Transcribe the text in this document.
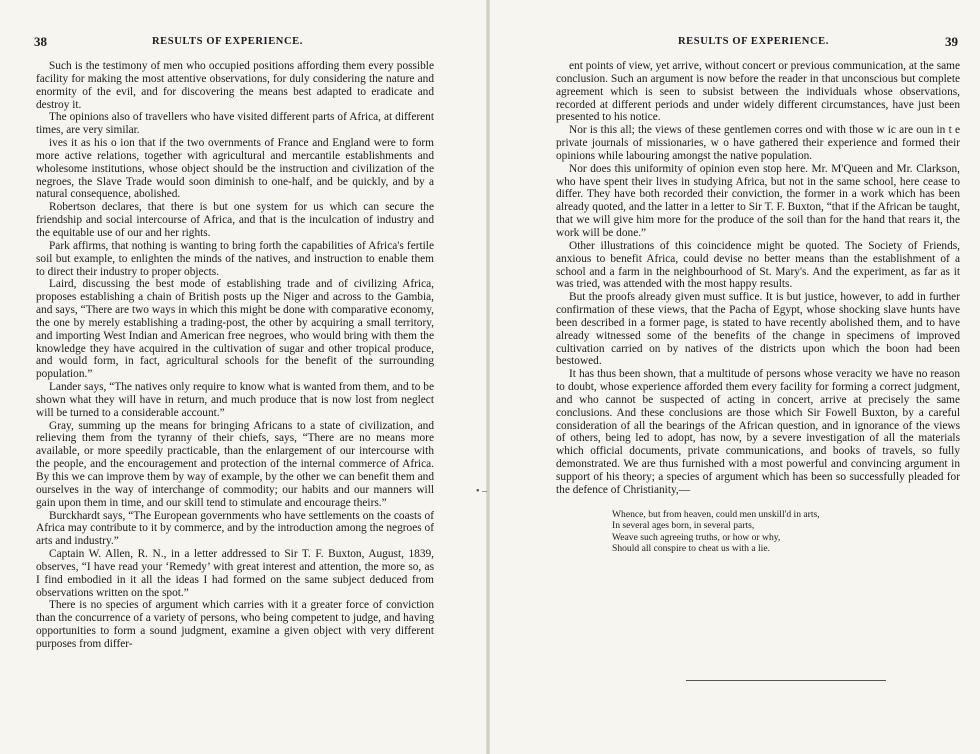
38	RESULTS OF EXPERIENCE.

Such is the testimony of men who occupied positions affording them every possible facility for making the most attentive observations, for duly considering the nature and enormity of the evil, and for discovering the means best adapted to eradicate and destroy it.

The opinions also of travellers who have visited different parts of Africa, at different times, are very similar.

ives it as his o ion that if the two overnments of France and England were to form more active relations, together with agricultural and mercantile establishments and wholesome institutions, whose object should be the instruction and civilization of the negroes, the Slave Trade would soon diminish to one-half, and be quickly, and by a natural consequence, abolished.

Robertson declares, that there is but one system for us which can secure the friendship and social intercourse of Africa, and that is the inculcation of industry and the equitable use of our and her rights.

Park affirms, that nothing is wanting to bring forth the capabilities of Africa's fertile soil but example, to enlighten the minds of the natives, and instruction to enable them to direct their industry to proper objects.

Laird, discussing the best mode of establishing trade and of civilizing Africa, proposes establishing a chain of British posts up the Niger and across to the Gambia, and says, “There are two ways in which this might be done with comparative economy, the one by merely establishing a trading-post, the other by acquiring a small territory, and importing West Indian and American free negroes, who would bring with them the knowledge they have acquired in the cultivation of sugar and other tropical produce, and would form, in fact, agricultural schools for the benefit of the surrounding population.”

Lander says, “The natives only require to know what is wanted from them, and to be shown what they will have in return, and much produce that is now lost from neglect will be turned to a considerable account.”

Gray, summing up the means for bringing Africans to a state of civilization, and relieving them from the tyranny of their chiefs, says, “There are no means more available, or more speedily practicable, than the enlargement of our intercourse with the people, and the encouragement and protection of the internal commerce of Africa. By this we can improve them by way of example, by the other we can benefit them and ourselves in the way of interchange of commodity; our habits and our manners will gain upon them in time, and our skill tend to stimulate and encourage theirs.”

Burckhardt says, “The European governments who have settlements on the coasts of Africa may contribute to it by commerce, and by the introduction among the negroes of arts and industry.”

Captain W. Allen, R. N., in a letter addressed to Sir T. F. Buxton, August, 1839, observes, “I have read your ‘Remedy’ with great interest and attention, the more so, as I find embodied in it all the ideas I had formed on the same subject deduced from observations written on the spot.”

There is no species of argument which carries with it a greater force of conviction than the concurrence of a variety of persons, who being competent to judge, and having opportunities to form a sound judgment, examine a given object with very different purposes from differ-

• –
RESULTS OF EXPERIENCE.	39

ent points of view, yet arrive, without concert or previous communication, at the same conclusion. Such an argument is now before the reader in that unconscious but complete agreement which is seen to subsist between the individuals whose observations, recorded at different periods and under widely different circumstances, have just been presented to his notice.

Nor is this all; the views of these gentlemen corres ond with those w ic are oun in t e private journals of missionaries, w o have gathered their experience and formed their opinions while labouring amongst the native population.

Nor does this uniformity of opinion even stop here. Mr. M'Queen and Mr. Clarkson, who have spent their lives in studying Africa, but not in the same school, here cease to differ. They have both recorded their conviction, the former in a work which has been already quoted, and the latter in a letter to Sir T. F. Buxton, “that if the African be taught, that we will give him more for the produce of the soil than for the hand that rears it, the work will be done.”

Other illustrations of this coincidence might be quoted. The Society of Friends, anxious to benefit Africa, could devise no better means than the establishment of a school and a farm in the neighbourhood of St. Mary's. And the experiment, as far as it was tried, was attended with the most happy results.

But the proofs already given must suffice. It is but justice, however, to add in further confirmation of these views, that the Pacha of Egypt, whose shocking slave hunts have been described in a former page, is stated to have recently abolished them, and to have already witnessed some of the benefits of the change in specimens of improved cultivation carried on by natives of the districts upon which the boon had been bestowed.

It has thus been shown, that a multitude of persons whose veracity we have no reason to doubt, whose experience afforded them every facility for forming a correct judgment, and who cannot be suspected of acting in concert, arrive at precisely the same conclusions. And these conclusions are those which Sir Fowell Buxton, by a careful consideration of all the bearings of the African question, and in ignorance of the views of others, being led to adopt, has now, by a severe investigation of all the materials which official documents, private communications, and books of travels, so fully demonstrated. We are thus furnished with a most powerful and convincing argument in support of his theory; a species of argument which has been so successfully pleaded for the defence of Christianity,—

Whence, but from heaven, could men unskill'd in arts,
In several ages born, in several parts,
Weave such agreeing truths, or how or why,
Should all conspire to cheat us with a lie.
